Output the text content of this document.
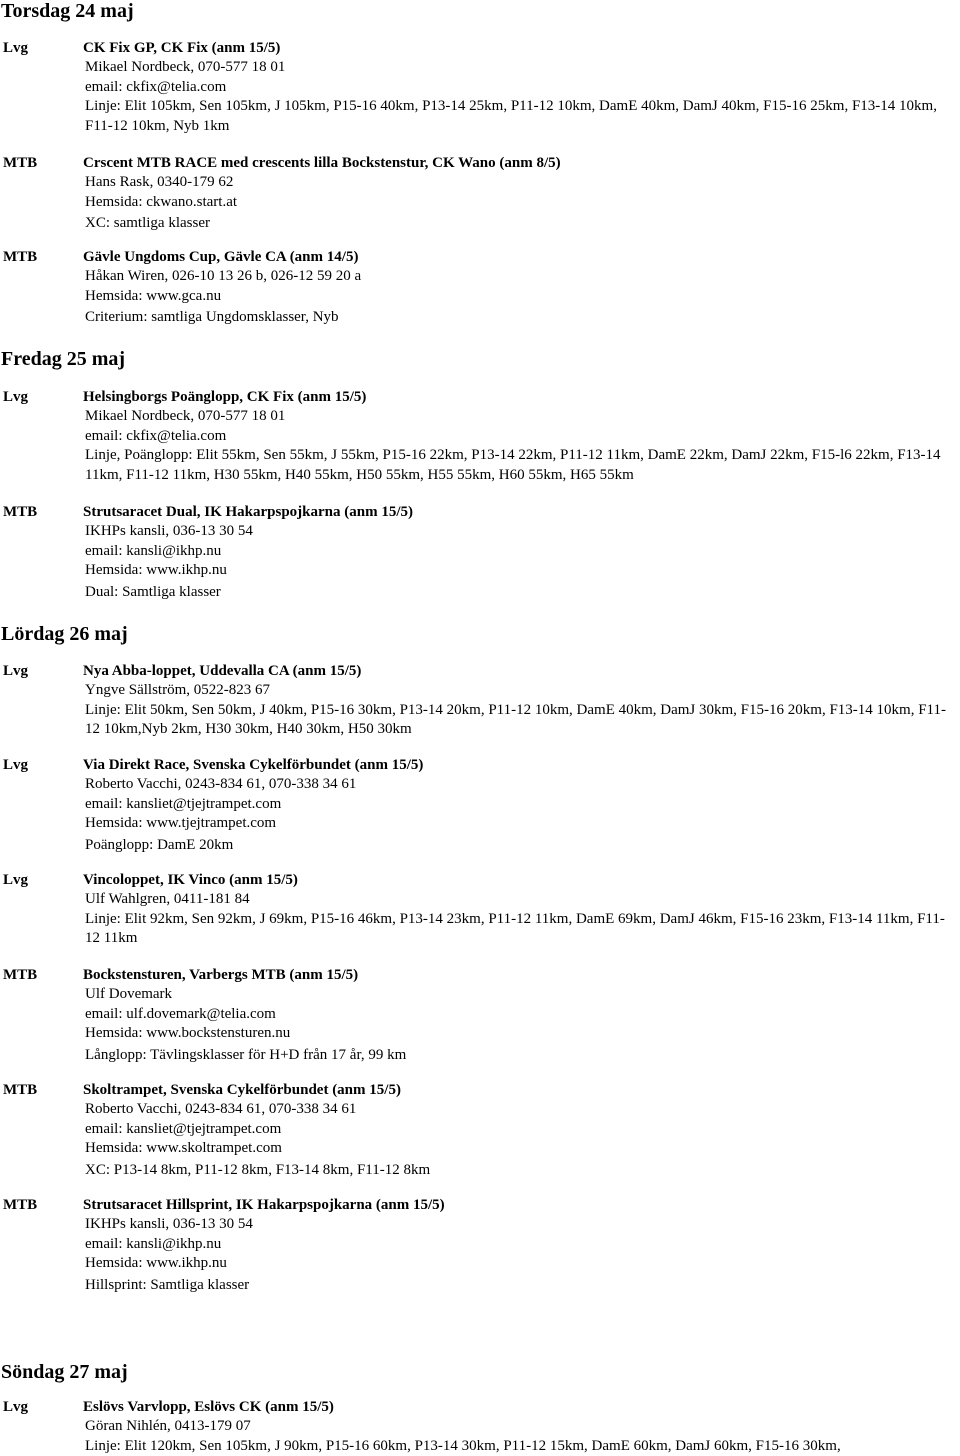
Torsdag 24 maj
Lvg	CK Fix GP, CK Fix (anm 15/5)
Mikael Nordbeck, 070-577 18 01
email: ckfix@telia.com
Linje: Elit 105km, Sen 105km, J 105km, P15-16 40km, P13-14 25km, P11-12 10km, DamE 40km, DamJ 40km, F15-16 25km, F13-14 10km, F11-12 10km, Nyb 1km
MTB	Crscent MTB RACE med crescents lilla Bockstenstur, CK Wano (anm 8/5)
Hans Rask, 0340-179 62
Hemsida: ckwano.start.at
XC: samtliga klasser
MTB	Gävle Ungdoms Cup, Gävle CA (anm 14/5)
Håkan Wiren, 026-10 13 26 b, 026-12 59 20 a
Hemsida: www.gca.nu
Criterium: samtliga Ungdomsklasser, Nyb
Fredag 25 maj
Lvg	Helsingborgs Poänglopp, CK Fix (anm 15/5)
Mikael Nordbeck, 070-577 18 01
email: ckfix@telia.com
Linje, Poänglopp: Elit 55km, Sen 55km, J 55km, P15-16 22km, P13-14 22km, P11-12 11km, DamE 22km, DamJ 22km, F15-l6 22km, F13-14 11km, F11-12 11km, H30 55km, H40 55km, H50 55km, H55 55km, H60 55km, H65 55km
MTB	Strutsaracet Dual, IK Hakarpspojkarna (anm 15/5)
IKHPs kansli, 036-13 30 54
email: kansli@ikhp.nu
Hemsida: www.ikhp.nu
Dual: Samtliga klasser
Lördag 26 maj
Lvg	Nya Abba-loppet, Uddevalla CA (anm 15/5)
Yngve Sällström, 0522-823 67
Linje: Elit 50km, Sen 50km, J 40km, P15-16 30km, P13-14 20km, P11-12 10km, DamE 40km, DamJ 30km, F15-16 20km, F13-14 10km, F11-12 10km,Nyb 2km, H30 30km, H40 30km, H50 30km
Lvg	Via Direkt Race, Svenska Cykelförbundet (anm 15/5)
Roberto Vacchi, 0243-834 61, 070-338 34 61
email: kansliet@tjejtrampet.com
Hemsida: www.tjejtrampet.com
Poänglopp: DamE 20km
Lvg	Vincoloppet, IK Vinco (anm 15/5)
Ulf Wahlgren, 0411-181 84
Linje: Elit 92km, Sen 92km, J 69km, P15-16 46km, P13-14 23km, P11-12 11km, DamE 69km, DamJ 46km, F15-16 23km, F13-14 11km, F11-12 11km
MTB	Bockstensturen, Varbergs MTB (anm 15/5)
Ulf Dovemark
email: ulf.dovemark@telia.com
Hemsida: www.bockstensturen.nu
Långlopp: Tävlingsklasser för H+D från 17 år, 99 km
MTB	Skoltrampet, Svenska Cykelförbundet (anm 15/5)
Roberto Vacchi, 0243-834 61, 070-338 34 61
email: kansliet@tjejtrampet.com
Hemsida: www.skoltrampet.com
XC: P13-14 8km, P11-12 8km, F13-14 8km, F11-12 8km
MTB	Strutsaracet Hillsprint, IK Hakarpspojkarna (anm 15/5)
IKHPs kansli, 036-13 30 54
email: kansli@ikhp.nu
Hemsida: www.ikhp.nu
Hillsprint: Samtliga klasser
Söndag 27 maj
Lvg	Eslövs Varvlopp, Eslövs CK (anm 15/5)
Göran Nihlén, 0413-179 07
Linje: Elit 120km, Sen 105km, J 90km, P15-16 60km, P13-14 30km, P11-12 15km, DamE 60km, DamJ 60km, F15-16 30km,
